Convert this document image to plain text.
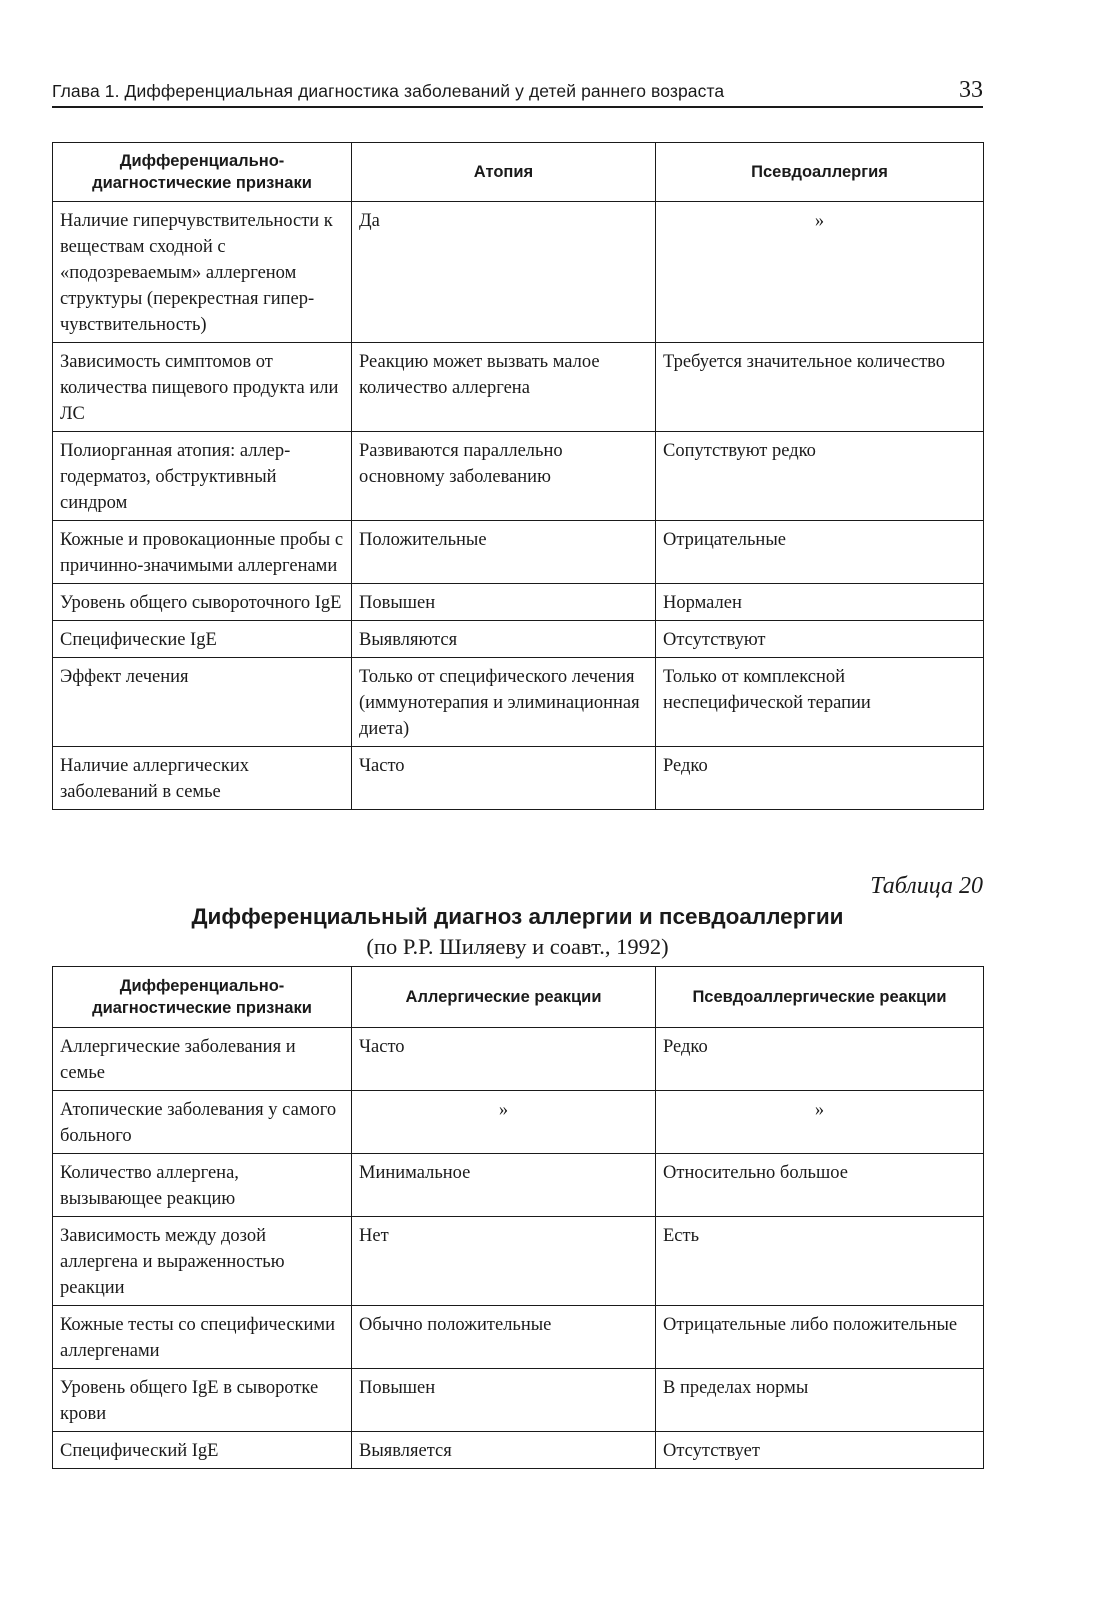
Глава 1. Дифференциальная диагностика заболеваний у детей раннего возраста	33
Дифференциально-диагностические признаки	Атопия	Псевдоаллергия
Наличие гиперчувствительности к веществам сходной с «подозреваемым» аллергеном структуры (перекрестная гиперчувствительность)	Да	»
Зависимость симптомов от количества пищевого продукта или ЛС	Реакцию может вызвать малое количество аллергена	Требуется значительное количество
Полиорганная атопия: аллергодерматоз, обструктивный синдром	Развиваются параллельно основному заболеванию	Сопутствуют редко
Кожные и провокационные пробы с причинно-значимыми аллергенами	Положительные	Отрицательные
Уровень общего сывороточного IgE	Повышен	Нормален
Специфические IgE	Выявляются	Отсутствуют
Эффект лечения	Только от специфического лечения (иммунотерапия и элиминационная диета)	Только от комплексной неспецифической терапии
Наличие аллергических заболеваний в семье	Часто	Редко
Таблица 20
Дифференциальный диагноз аллергии и псевдоаллергии
(по Р.Р. Шиляеву и соавт., 1992)
Дифференциально-диагностические признаки	Аллергические реакции	Псевдоаллергические реакции
Аллергические заболевания и семье	Часто	Редко
Атопические заболевания у самого больного	»	»
Количество аллергена, вызывающее реакцию	Минимальное	Относительно большое
Зависимость между дозой аллергена и выраженностью реакции	Нет	Есть
Кожные тесты со специфическими аллергенами	Обычно положительные	Отрицательные либо положительные
Уровень общего IgE в сыворотке крови	Повышен	В пределах нормы
Специфический IgE	Выявляется	Отсутствует
